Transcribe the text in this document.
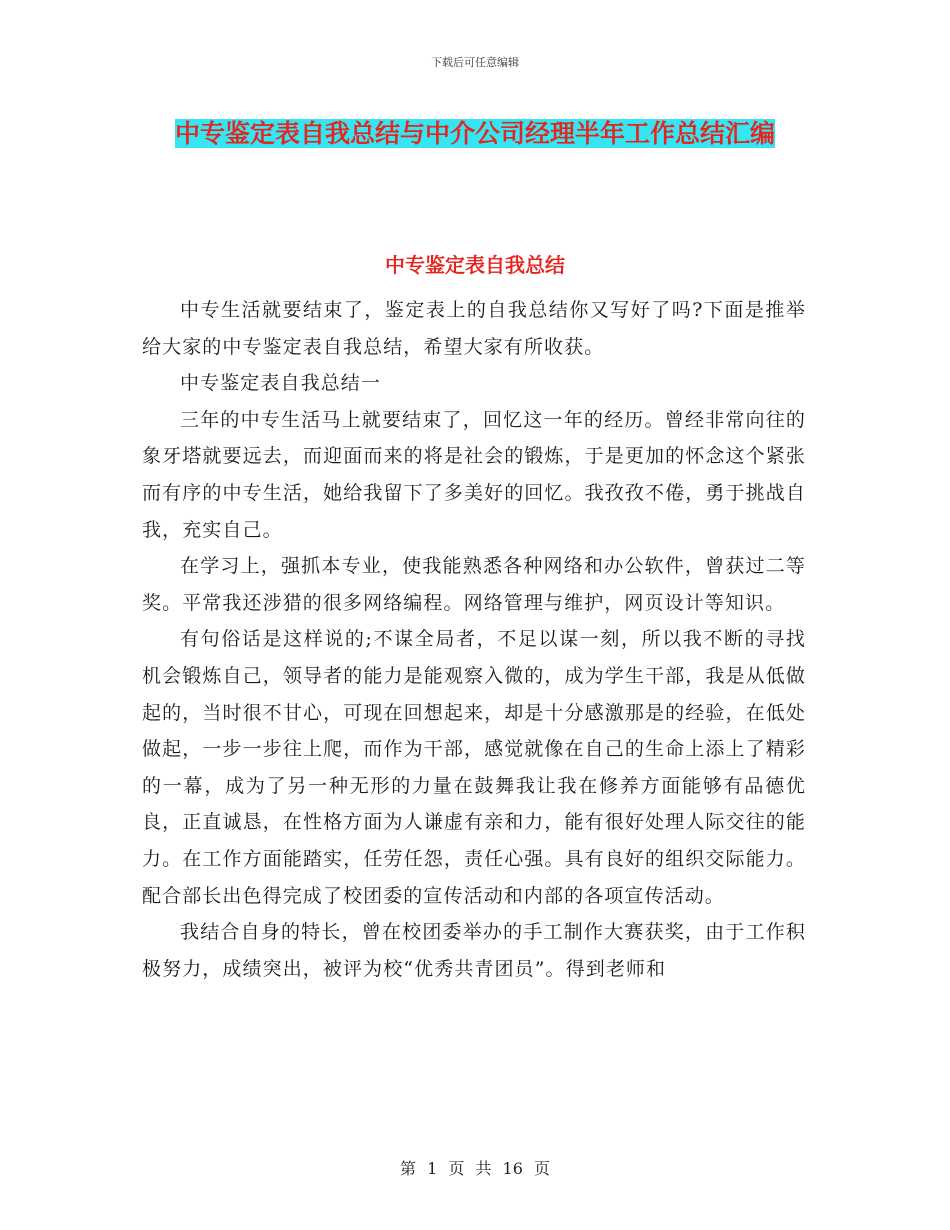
下载后可任意编辑
中专鉴定表自我总结与中介公司经理半年工作总结汇编
中专鉴定表自我总结

中专生活就要结束了，鉴定表上的自我总结你又写好了吗?下面是推举给大家的中专鉴定表自我总结，希望大家有所收获。

中专鉴定表自我总结一

三年的中专生活马上就要结束了，回忆这一年的经历。曾经非常向往的象牙塔就要远去，而迎面而来的将是社会的锻炼，于是更加的怀念这个紧张而有序的中专生活，她给我留下了多美好的回忆。我孜孜不倦，勇于挑战自我，充实自己。

在学习上，强抓本专业，使我能熟悉各种网络和办公软件，曾获过二等奖。平常我还涉猎的很多网络编程。网络管理与维护，网页设计等知识。

有句俗话是这样说的;不谋全局者，不足以谋一刻，所以我不断的寻找机会锻炼自己，领导者的能力是能观察入微的，成为学生干部，我是从低做起的，当时很不甘心，可现在回想起来，却是十分感激那是的经验，在低处做起，一步一步往上爬，而作为干部，感觉就像在自己的生命上添上了精彩的一幕，成为了另一种无形的力量在鼓舞我让我在修养方面能够有品德优良，正直诚恳，在性格方面为人谦虚有亲和力，能有很好处理人际交往的能力。在工作方面能踏实，任劳任怨，责任心强。具有良好的组织交际能力。配合部长出色得完成了校团委的宣传活动和内部的各项宣传活动。

我结合自身的特长，曾在校团委举办的手工制作大赛获奖，由于工作积极努力，成绩突出，被评为校“优秀共青团员”。得到老师和

第 1 页 共 16 页
